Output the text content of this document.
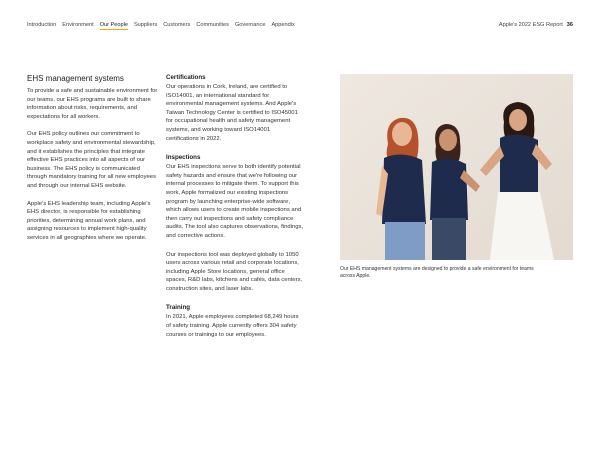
Introduction Environment Our People Suppliers Customers Communities Governance Appendix	Apple's 2022 ESG Report 36
EHS management systems

To provide a safe and sustainable environment for our teams, our EHS programs are built to share information about risks, requirements, and expectations for all workers.

Our EHS policy outlines our commitment to workplace safety and environmental stewardship, and it establishes the principles that integrate effective EHS practices into all aspects of our business. The EHS policy is communicated through mandatory training for all new employees and through our internal EHS website.

Apple's EHS leadership team, including Apple's EHS director, is responsible for establishing priorities, determining annual work plans, and assigning resources to implement high-quality services in all geographies where we operate.

Certifications

Our operations in Cork, Ireland, are certified to ISO14001, an international standard for environmental management systems. And Apple's Taiwan Technology Center is certified to ISO45001 for occupational health and safety management systems, and working toward ISO14001 certifications in 2022.

Inspections

Our EHS inspections serve to both identify potential safety hazards and ensure that we're following our internal processes to mitigate them. To support this work, Apple formalized our existing inspections program by launching enterprise-wide software, which allows users to create mobile inspections and then carry out inspections and safety compliance audits. The tool also captures observations, findings, and corrective actions.

Our inspections tool was deployed globally to 1050 users across various retail and corporate locations, including Apple Store locations, general office spaces, R&D labs, kitchens and cafés, data centers, construction sites, and laser labs.

Training

In 2021, Apple employees completed 68,249 hours of safety training. Apple currently offers 304 safety courses or trainings to our employees.

Our EHS management systems are designed to provide a safe environment for teams across Apple.
